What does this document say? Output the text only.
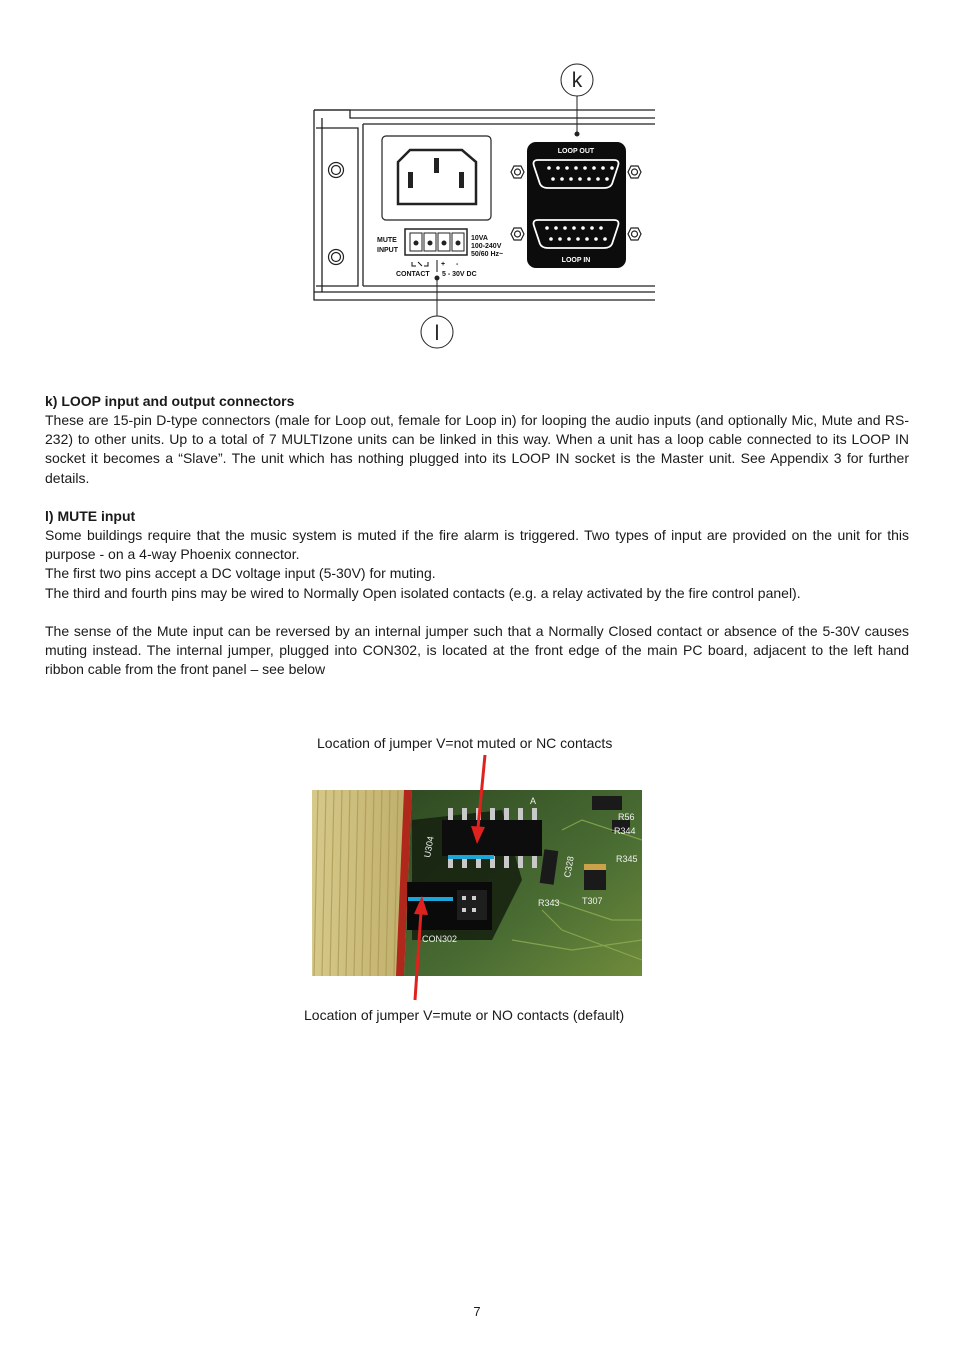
MUTE
INPUT
10VA
100-240V
50/60 Hz~
+ -
CONTACT 5 - 30V DC
LOOP OUT
LOOP IN
k
l

k) LOOP input and output connectors

These are 15-pin D-type connectors (male for Loop out, female for Loop in) for looping the audio inputs (and optionally Mic, Mute and RS-232) to other units. Up to a total of 7 MULTIzone units can be linked in this way. When a unit has a loop cable connected to its LOOP IN socket it becomes a “Slave”. The unit which has nothing plugged into its LOOP IN socket is the Master unit. See Appendix 3 for further details.

l) MUTE input

Some buildings require that the music system is muted if the fire alarm is triggered. Two types of input are provided on the unit for this purpose - on a 4-way Phoenix connector.

The first two pins accept a DC voltage input (5-30V) for muting.

The third and fourth pins may be wired to Normally Open isolated contacts (e.g. a relay activated by the fire control panel).

The sense of the Mute input can be reversed by an internal jumper such that a Normally Closed contact or absence of the 5-30V causes muting instead. The internal jumper, plugged into CON302, is located at the front edge of the main PC board, adjacent to the left hand ribbon cable from the front panel – see below

Location of jumper V=not muted or NC contacts
Location of jumper V=mute or NO contacts (default)
U304
CON302
R343 T307
C328	R345
R344
R56
A
7
